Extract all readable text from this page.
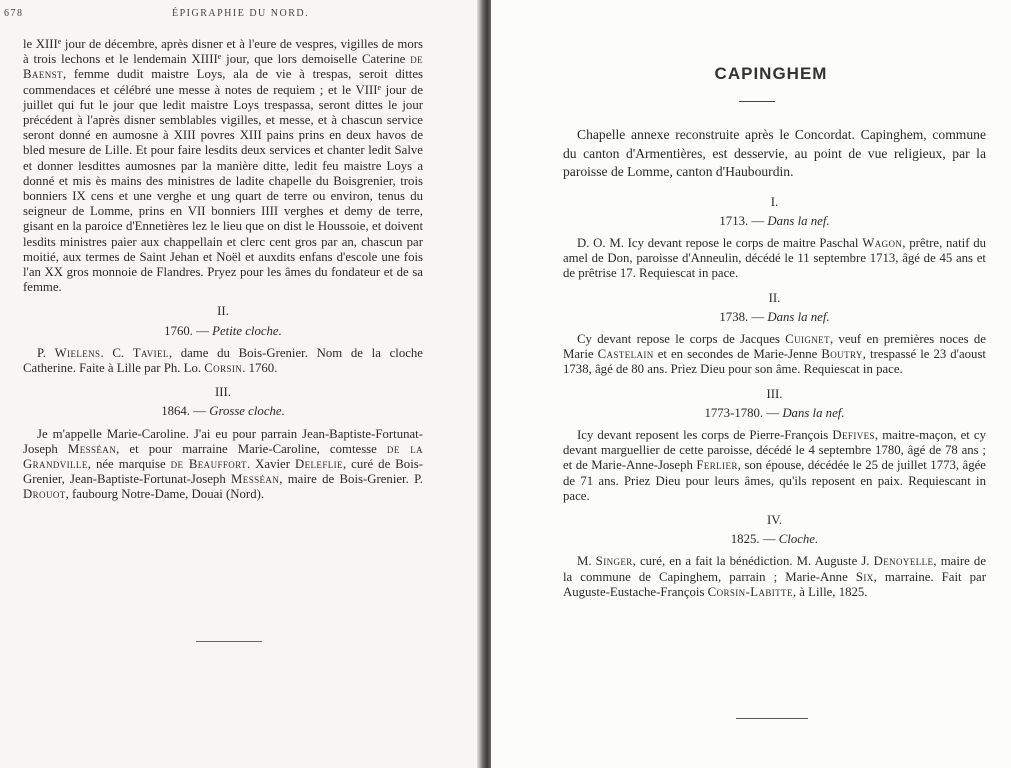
678	ÉPIGRAPHIE DU NORD.

le XIIIe jour de décembre, après disner et à l'eure de vespres, vigilles de mors à trois lechons et le lendemain XIIIIe jour, que lors demoiselle Caterine de Baenst, femme dudit maistre Loys, ala de vie à trespas, seroit dittes commendaces et célébré une messe à notes de requiem ; et le VIIIe jour de juillet qui fut le jour que ledit maistre Loys trespassa, seront dittes le jour précédent à l'après disner semblables vigilles, et messe, et à chascun service seront donné en aumosne à XIII povres XIII pains prins en deux havos de bled mesure de Lille. Et pour faire lesdits deux services et chanter ledit Salve et donner lesdittes aumosnes par la manière ditte, ledit feu maistre Loys a donné et mis ès mains des ministres de ladite chapelle du Boisgrenier, trois bonniers IX cens et une verghe et ung quart de terre ou environ, tenus du seigneur de Lomme, prins en VII bonniers IIII verghes et demy de terre, gisant en la paroice d'Ennetières lez le lieu que on dist le Houssoie, et doivent lesdits ministres paier aux chappellain et clerc cent gros par an, chascun par moitié, aux termes de Saint Jehan et Noël et auxdits enfans d'escole une fois l'an XX gros monnoie de Flandres. Pryez pour les âmes du fondateur et de sa femme.

II.
1760. — Petite cloche.

P. Wielens. C. Taviel, dame du Bois-Grenier. Nom de la cloche Catherine. Faite à Lille par Ph. Lo. Corsin. 1760.

III.
1864. — Grosse cloche.

Je m'appelle Marie-Caroline. J'ai eu pour parrain Jean-Baptiste-Fortunat-Joseph Messéan, et pour marraine Marie-Caroline, comtesse de la Grandville, née marquise de Beauffort. Xavier Deleflie, curé de Bois-Grenier, Jean-Baptiste-Fortunat-Joseph Messéan, maire de Bois-Grenier. P. Drouot, faubourg Notre-Dame, Douai (Nord).

CAPINGHEM

Chapelle annexe reconstruite après le Concordat. Capinghem, commune du canton d'Armentières, est desservie, au point de vue religieux, par la paroisse de Lomme, canton d'Haubourdin.

I.
1713. — Dans la nef.

D. O. M. Icy devant repose le corps de maitre Paschal Wagon, prêtre, natif du amel de Don, paroisse d'Anneulin, décédé le 11 septembre 1713, âgé de 45 ans et de prêtrise 17. Requiescat in pace.

II.
1738. — Dans la nef.

Cy devant repose le corps de Jacques Cuignet, veuf en premières noces de Marie Castelain et en secondes de Marie-Jenne Boutry, trespassé le 23 d'aoust 1738, âgé de 80 ans. Priez Dieu pour son âme. Requiescat in pace.

III.
1773-1780. — Dans la nef.

Icy devant reposent les corps de Pierre-François Defives, maitre-maçon, et cy devant marguellier de cette paroisse, décédé le 4 septembre 1780, âgé de 78 ans ; et de Marie-Anne-Joseph Ferlier, son épouse, décédée le 25 de juillet 1773, âgée de 71 ans. Priez Dieu pour leurs âmes, qu'ils reposent en paix. Requiescant in pace.

IV.
1825. — Cloche.

M. Singer, curé, en a fait la bénédiction. M. Auguste J. Denoyelle, maire de la commune de Capinghem, parrain ; Marie-Anne Six, marraine. Fait par Auguste-Eustache-François Corsin-Labitte, à Lille, 1825.
